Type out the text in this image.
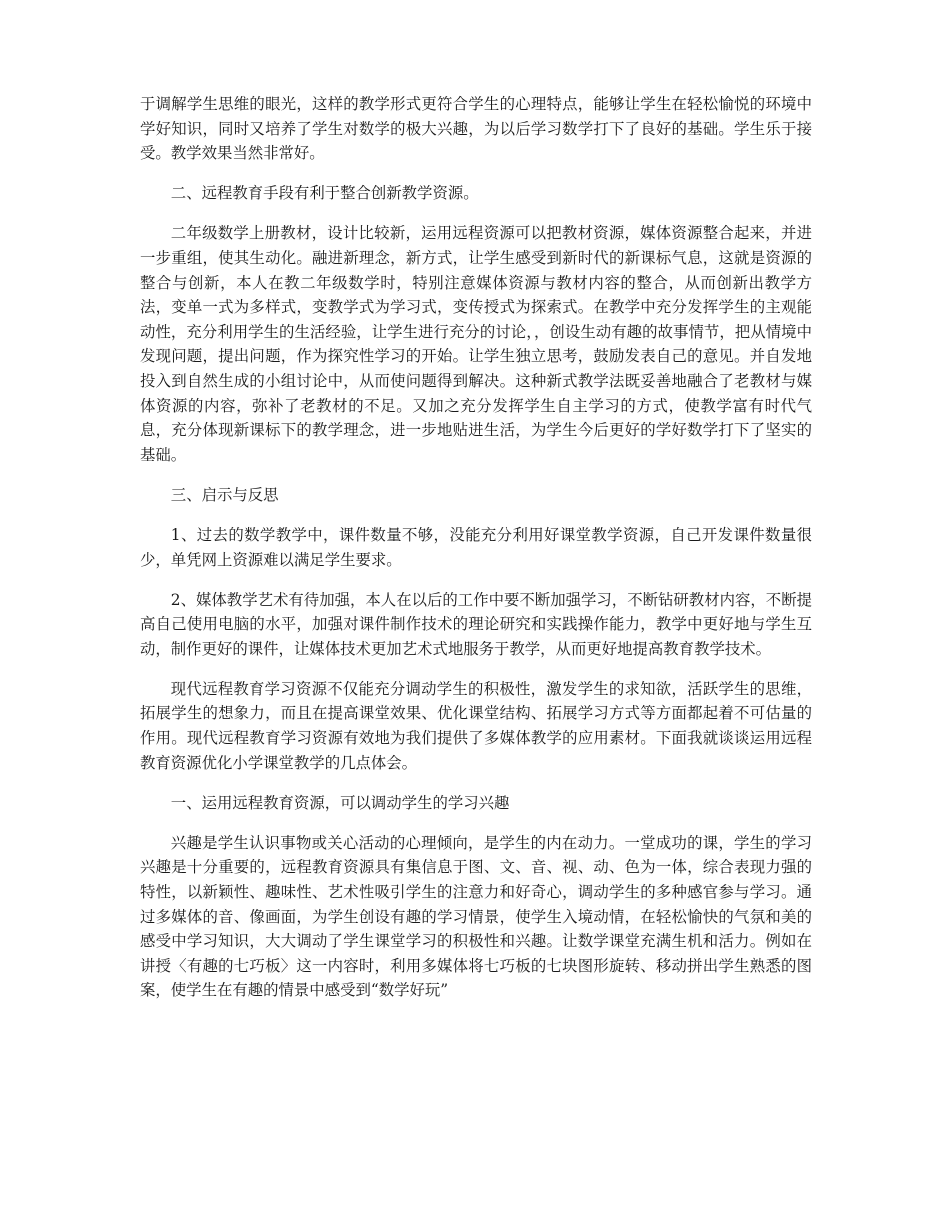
于调解学生思维的眼光，这样的教学形式更符合学生的心理特点，能够让学生在轻松愉悦的环境中学好知识，同时又培养了学生对数学的极大兴趣，为以后学习数学打下了良好的基础。学生乐于接受。教学效果当然非常好。

二、远程教育手段有利于整合创新教学资源。

二年级数学上册教材，设计比较新，运用远程资源可以把教材资源，媒体资源整合起来，并进一步重组，使其生动化。融进新理念，新方式，让学生感受到新时代的新课标气息，这就是资源的整合与创新，本人在教二年级数学时，特别注意媒体资源与教材内容的整合，从而创新出教学方法，变单一式为多样式，变教学式为学习式，变传授式为探索式。在教学中充分发挥学生的主观能动性，充分利用学生的生活经验，让学生进行充分的讨论，，创设生动有趣的故事情节，把从情境中发现问题，提出问题，作为探究性学习的开始。让学生独立思考，鼓励发表自己的意见。并自发地投入到自然生成的小组讨论中，从而使问题得到解决。这种新式教学法既妥善地融合了老教材与媒体资源的内容，弥补了老教材的不足。又加之充分发挥学生自主学习的方式，使教学富有时代气息，充分体现新课标下的教学理念，进一步地贴进生活，为学生今后更好的学好数学打下了坚实的基础。

三、启示与反思

1、过去的数学教学中，课件数量不够，没能充分利用好课堂教学资源，自己开发课件数量很少，单凭网上资源难以满足学生要求。

2、媒体教学艺术有待加强，本人在以后的工作中要不断加强学习，不断钻研教材内容，不断提高自己使用电脑的水平，加强对课件制作技术的理论研究和实践操作能力，教学中更好地与学生互动，制作更好的课件，让媒体技术更加艺术式地服务于教学，从而更好地提高教育教学技术。

现代远程教育学习资源不仅能充分调动学生的积极性，激发学生的求知欲，活跃学生的思维，拓展学生的想象力，而且在提高课堂效果、优化课堂结构、拓展学习方式等方面都起着不可估量的作用。现代远程教育学习资源有效地为我们提供了多媒体教学的应用素材。下面我就谈谈运用远程教育资源优化小学课堂教学的几点体会。

一、运用远程教育资源，可以调动学生的学习兴趣

兴趣是学生认识事物或关心活动的心理倾向，是学生的内在动力。一堂成功的课，学生的学习兴趣是十分重要的，远程教育资源具有集信息于图、文、音、视、动、色为一体，综合表现力强的特性，以新颖性、趣味性、艺术性吸引学生的注意力和好奇心，调动学生的多种感官参与学习。通过多媒体的音、像画面，为学生创设有趣的学习情景，使学生入境动情，在轻松愉快的气氛和美的感受中学习知识，大大调动了学生课堂学习的积极性和兴趣。让数学课堂充满生机和活力。例如在讲授〈有趣的七巧板〉这一内容时，利用多媒体将七巧板的七块图形旋转、移动拼出学生熟悉的图案，使学生在有趣的情景中感受到“数学好玩”
